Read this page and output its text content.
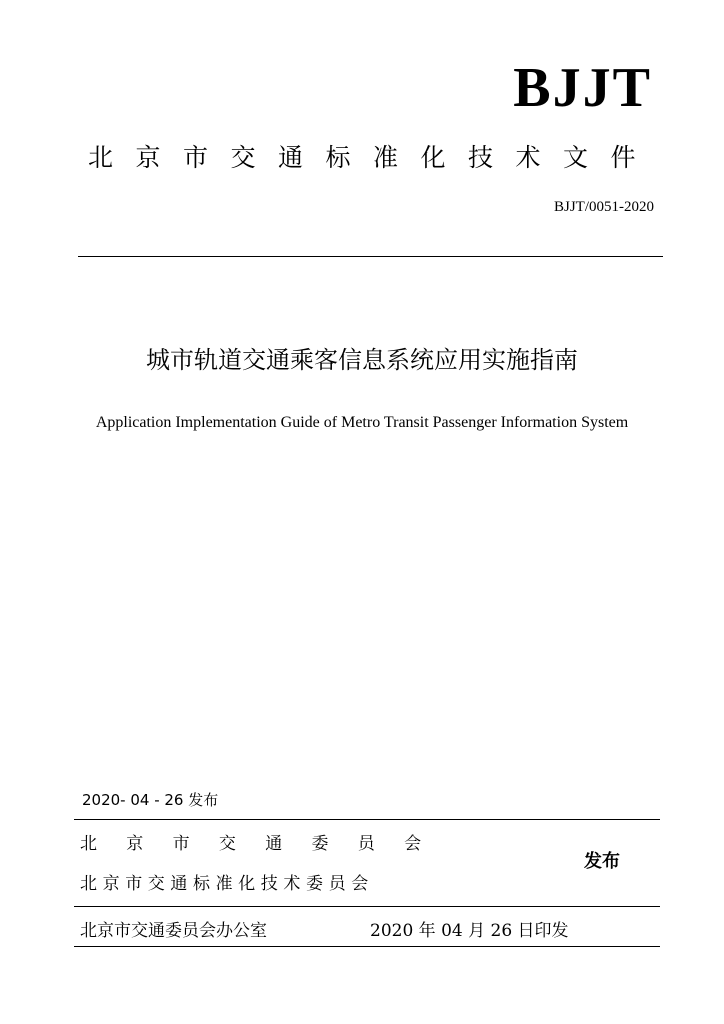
BJJT
北京市交通标准化技术文件
BJJT/0051-2020
城市轨道交通乘客信息系统应用实施指南
Application Implementation Guide of Metro Transit Passenger Information System
2020- 04 - 26 发布
北京市交通委员会
北京市交通标准化技术委员会
发布
北京市交通委员会办公室	2020 年 04 月 26 日印发
